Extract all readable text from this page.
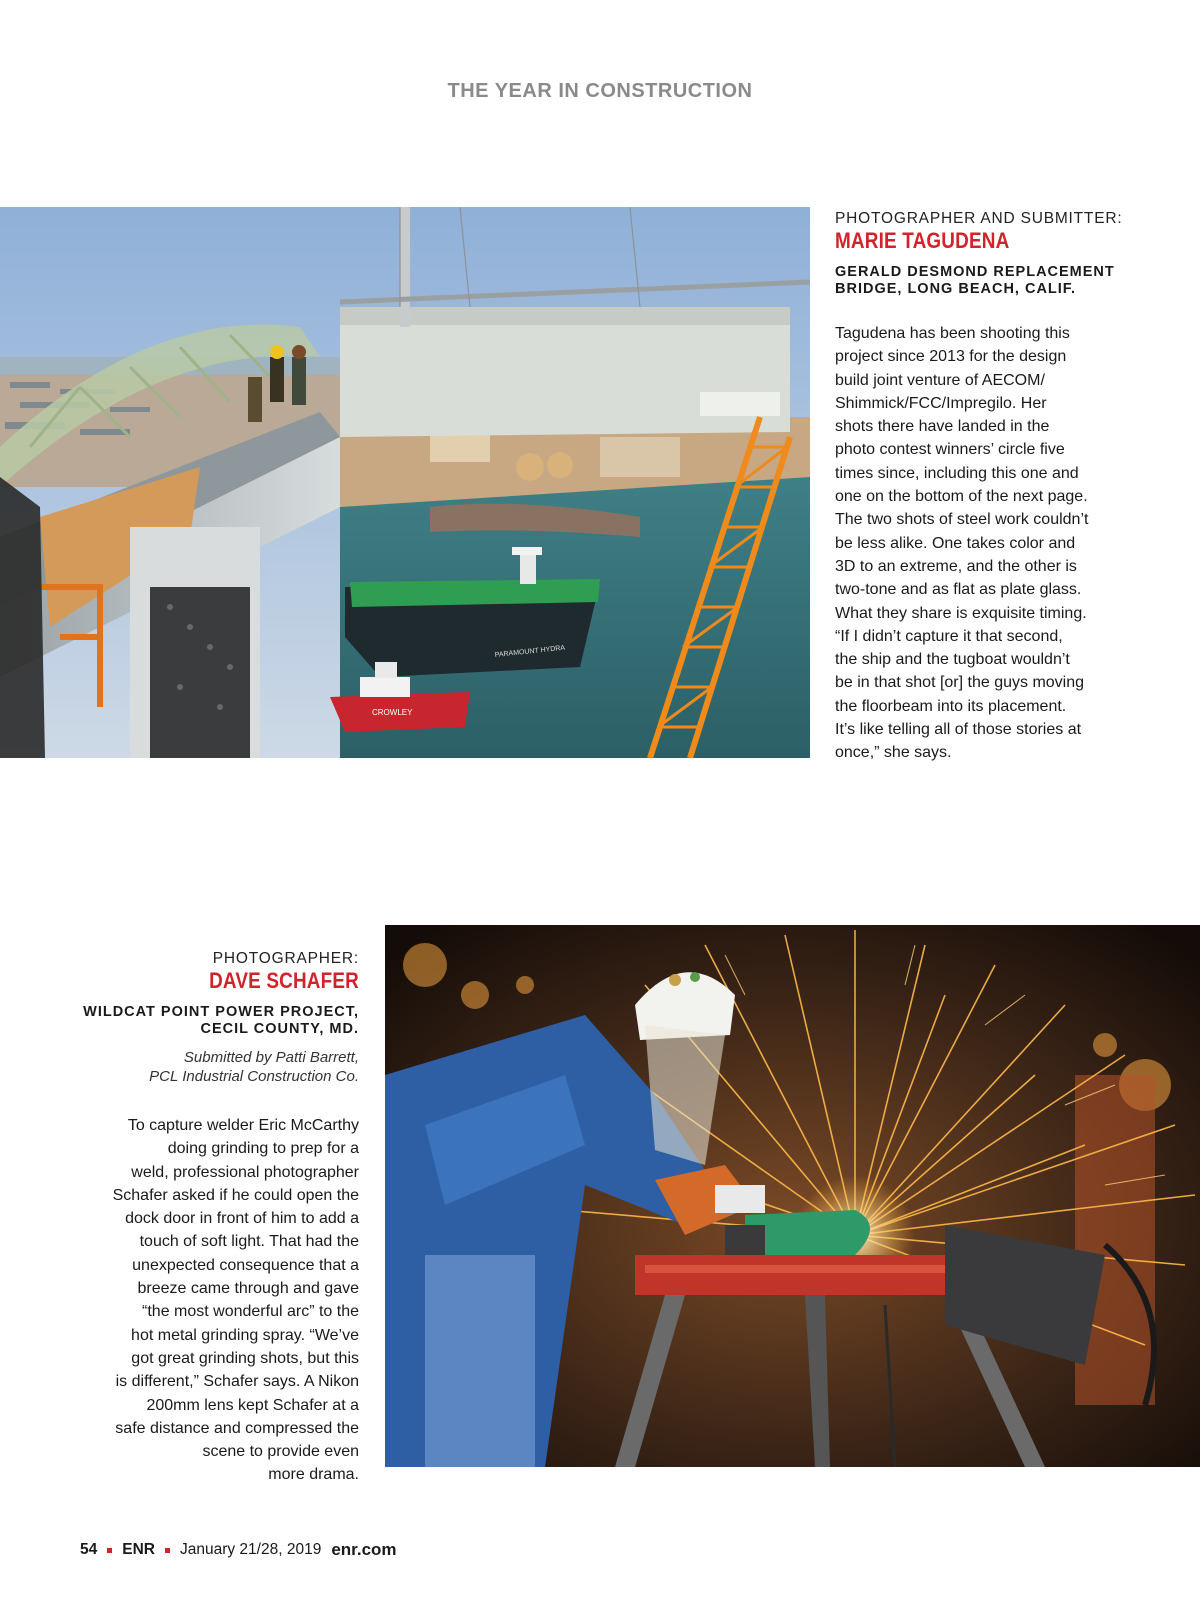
THE YEAR IN CONSTRUCTION
PARAMOUNT HYDRA
CROWLEY
PHOTOGRAPHER AND SUBMITTER:
MARIE TAGUDENA
GERALD DESMOND REPLACEMENT
BRIDGE, LONG BEACH, CALIF.
Tagudena has been shooting this
project since 2013 for the design
build joint venture of AECOM/
Shimmick/FCC/Impregilo. Her
shots there have landed in the
photo contest winners’ circle five
times since, including this one and
one on the bottom of the next page.
The two shots of steel work couldn’t
be less alike. One takes color and
3D to an extreme, and the other is
two-tone and as flat as plate glass.
What they share is exquisite timing.
“If I didn’t capture it that second,
the ship and the tugboat wouldn’t
be in that shot [or] the guys moving
the floorbeam into its placement.
It’s like telling all of those stories at
once,” she says.
PHOTOGRAPHER:
DAVE SCHAFER
WILDCAT POINT POWER PROJECT,
CECIL COUNTY, MD.
Submitted by Patti Barrett,
PCL Industrial Construction Co.
To capture welder Eric McCarthy
doing grinding to prep for a
weld, professional photographer
Schafer asked if he could open the
dock door in front of him to add a
touch of soft light. That had the
unexpected consequence that a
breeze came through and gave
“the most wonderful arc” to the
hot metal grinding spray. “We’ve
got great grinding shots, but this
is different,” Schafer says. A Nikon
200mm lens kept Schafer at a
safe distance and compressed the
scene to provide even
more drama.
54 ENR January 21/28, 2019 enr.com
